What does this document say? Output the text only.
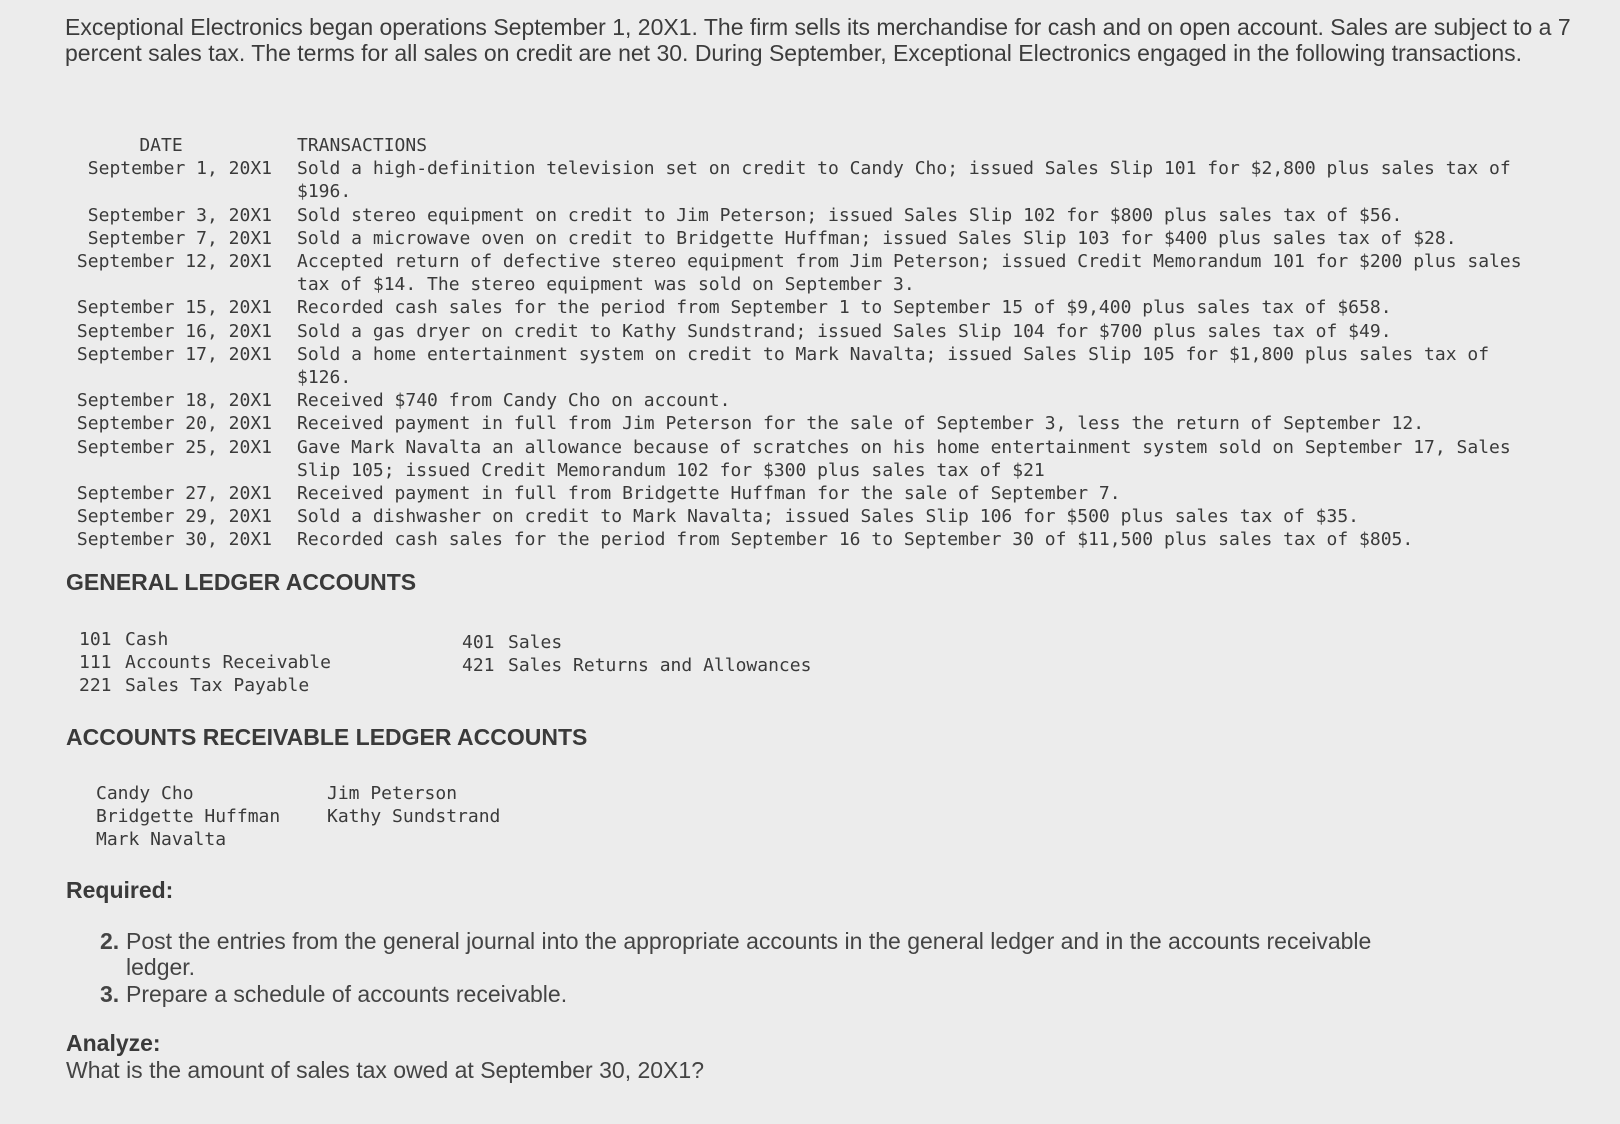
Exceptional Electronics began operations September 1, 20X1. The firm sells its merchandise for cash and on open account. Sales are subject to a 7 percent sales tax. The terms for all sales on credit are net 30. During September, Exceptional Electronics engaged in the following transactions.
DATE	TRANSACTIONS
September 1, 20X1 Sold a high-definition television set on credit to Candy Cho; issued Sales Slip 101 for $2,800 plus sales tax of $196.
September 3, 20X1 Sold stereo equipment on credit to Jim Peterson; issued Sales Slip 102 for $800 plus sales tax of $56.
September 7, 20X1 Sold a microwave oven on credit to Bridgette Huffman; issued Sales Slip 103 for $400 plus sales tax of $28.
September 12, 20X1 Accepted return of defective stereo equipment from Jim Peterson; issued Credit Memorandum 101 for $200 plus sales tax of $14. The stereo equipment was sold on September 3.
September 15, 20X1 Recorded cash sales for the period from September 1 to September 15 of $9,400 plus sales tax of $658.
September 16, 20X1 Sold a gas dryer on credit to Kathy Sundstrand; issued Sales Slip 104 for $700 plus sales tax of $49.
September 17, 20X1 Sold a home entertainment system on credit to Mark Navalta; issued Sales Slip 105 for $1,800 plus sales tax of $126.
September 18, 20X1 Received $740 from Candy Cho on account.
September 20, 20X1 Received payment in full from Jim Peterson for the sale of September 3, less the return of September 12.
September 25, 20X1 Gave Mark Navalta an allowance because of scratches on his home entertainment system sold on September 17, Sales Slip 105; issued Credit Memorandum 102 for $300 plus sales tax of $21
September 27, 20X1 Received payment in full from Bridgette Huffman for the sale of September 7.
September 29, 20X1 Sold a dishwasher on credit to Mark Navalta; issued Sales Slip 106 for $500 plus sales tax of $35.
September 30, 20X1 Recorded cash sales for the period from September 16 to September 30 of $11,500 plus sales tax of $805.
GENERAL LEDGER ACCOUNTS
101 Cash
111 Accounts Receivable
221 Sales Tax Payable
401 Sales
421 Sales Returns and Allowances
ACCOUNTS RECEIVABLE LEDGER ACCOUNTS
Candy Cho
Bridgette Huffman
Mark Navalta
Jim Peterson
Kathy Sundstrand
Required:
2. Post the entries from the general journal into the appropriate accounts in the general ledger and in the accounts receivable ledger.
3. Prepare a schedule of accounts receivable.
Analyze:
What is the amount of sales tax owed at September 30, 20X1?
